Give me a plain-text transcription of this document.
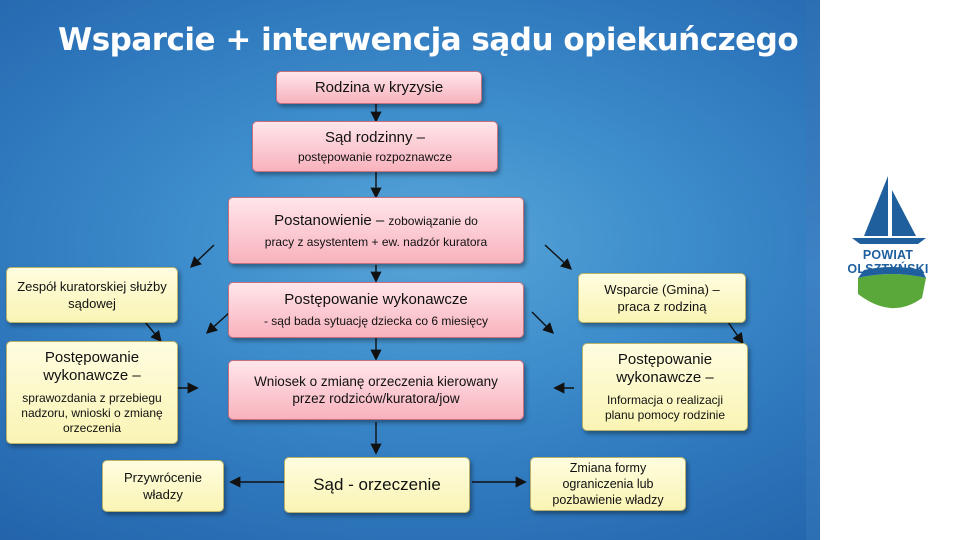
Wsparcie + interwencja sądu opiekuńczego
Rodzina w kryzysie
Sąd rodzinny –
postępowanie rozpoznawcze
Postanowienie – zobowiązanie do
pracy z asystentem + ew. nadzór kuratora
Zespół kuratorskiej służby sądowej	Postępowanie wykonawcze
- sąd bada sytuację dziecka co 6 miesięcy
Wsparcie (Gmina) – praca z rodziną
Postępowanie wykonawcze –
sprawozdania z przebiegu nadzoru, wnioski o zmianę orzeczenia
Wniosek o zmianę orzeczenia kierowany przez rodziców/kuratora/jow
Postępowanie wykonawcze –
Informacja o realizacji planu pomocy rodzinie
Przywrócenie władzy
Sąd - orzeczenie
Zmiana formy ograniczenia lub pozbawienie władzy
POWIAT OLSZTYŃSKI
